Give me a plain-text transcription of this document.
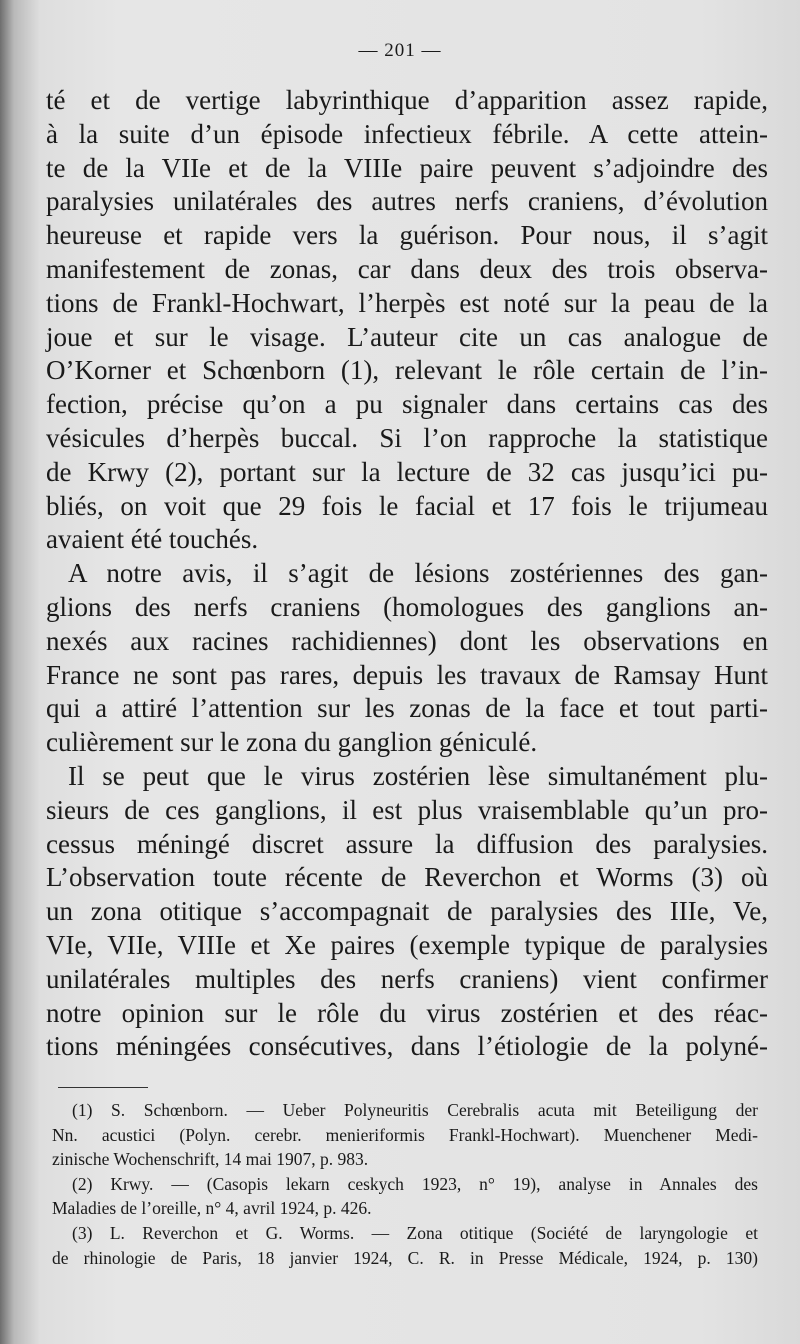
— 201 —
té et de vertige labyrinthique d’apparition assez rapide,
à la suite d’un épisode infectieux fébrile. A cette attein-
te de la VIIe et de la VIIIe paire peuvent s’adjoindre des
paralysies unilatérales des autres nerfs craniens, d’évolution
heureuse et rapide vers la guérison. Pour nous, il s’agit
manifestement de zonas, car dans deux des trois observa-
tions de Frankl-Hochwart, l’herpès est noté sur la peau de la
joue et sur le visage. L’auteur cite un cas analogue de
O’Korner et Schœnborn (1), relevant le rôle certain de l’in-
fection, précise qu’on a pu signaler dans certains cas des
vésicules d’herpès buccal. Si l’on rapproche la statistique
de Krwy (2), portant sur la lecture de 32 cas jusqu’ici pu-
bliés, on voit que 29 fois le facial et 17 fois le trijumeau
avaient été touchés.
A notre avis, il s’agit de lésions zostériennes des gan-
glions des nerfs craniens (homologues des ganglions an-
nexés aux racines rachidiennes) dont les observations en
France ne sont pas rares, depuis les travaux de Ramsay Hunt
qui a attiré l’attention sur les zonas de la face et tout parti-
culièrement sur le zona du ganglion géniculé.
Il se peut que le virus zostérien lèse simultanément plu-
sieurs de ces ganglions, il est plus vraisemblable qu’un pro-
cessus méningé discret assure la diffusion des paralysies.
L’observation toute récente de Reverchon et Worms (3) où
un zona otitique s’accompagnait de paralysies des IIIe, Ve,
VIe, VIIe, VIIIe et Xe paires (exemple typique de paralysies
unilatérales multiples des nerfs craniens) vient confirmer
notre opinion sur le rôle du virus zostérien et des réac-
tions méningées consécutives, dans l’étiologie de la polyné-
(1) S. Schœnborn. — Ueber Polyneuritis Cerebralis acuta mit Beteiligung der
Nn. acustici (Polyn. cerebr. menieriformis Frankl-Hochwart). Muenchener Medi-
zinische Wochenschrift, 14 mai 1907, p. 983.
(2) Krwy. — (Casopis lekarn ceskych 1923, n° 19), analyse in Annales des
Maladies de l’oreille, n° 4, avril 1924, p. 426.
(3) L. Reverchon et G. Worms. — Zona otitique (Société de laryngologie et
de rhinologie de Paris, 18 janvier 1924, C. R. in Presse Médicale, 1924, p. 130)
